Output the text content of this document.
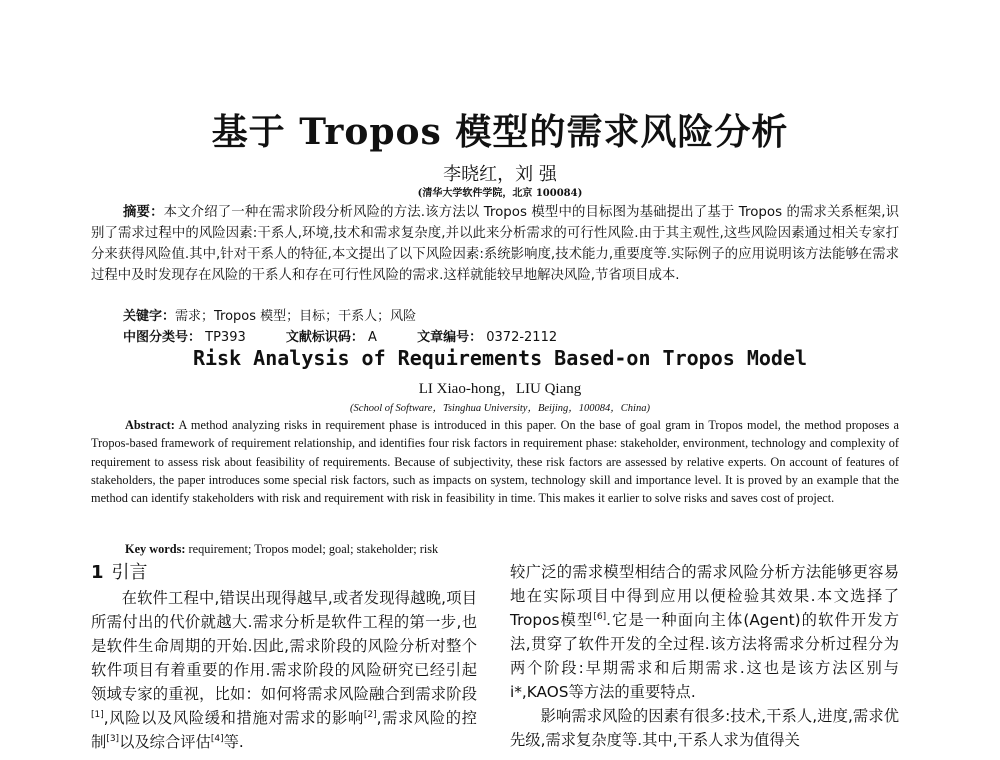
基于 Tropos 模型的需求风险分析
李晓红，刘 强
(清华大学软件学院，北京 100084)
摘要：本文介绍了一种在需求阶段分析风险的方法.该方法以 Tropos 模型中的目标图为基础提出了基于 Tropos 的需求关系框架,识别了需求过程中的风险因素:干系人,环境,技术和需求复杂度,并以此来分析需求的可行性风险.由于其主观性,这些风险因素通过相关专家打分来获得风险值.其中,针对干系人的特征,本文提出了以下风险因素:系统影响度,技术能力,重要度等.实际例子的应用说明该方法能够在需求过程中及时发现存在风险的干系人和存在可行性风险的需求.这样就能较早地解决风险,节省项目成本.
关键字：需求；Tropos 模型；目标；干系人；风险
中图分类号： TP393	文献标识码： A	文章编号： 0372-2112
Risk Analysis of Requirements Based-on Tropos Model
LI Xiao-hong，LIU Qiang
(School of Software，Tsinghua University，Beijing，100084，China)
Abstract: A method analyzing risks in requirement phase is introduced in this paper. On the base of goal gram in Tropos model, the method proposes a Tropos-based framework of requirement relationship, and identifies four risk factors in requirement phase: stakeholder, environment, technology and complexity of requirement to assess risk about feasibility of requirements. Because of subjectivity, these risk factors are assessed by relative experts. On account of features of stakeholders, the paper introduces some special risk factors, such as impacts on system, technology skill and importance level. It is proved by an example that the method can identify stakeholders with risk and requirement with risk in feasibility in time. This makes it earlier to solve risks and saves cost of project.
Key words: requirement; Tropos model; goal; stakeholder; risk
1 引言

在软件工程中,错误出现得越早,或者发现得越晚,项目所需付出的代价就越大.需求分析是软件工程的第一步,也是软件生命周期的开始.因此,需求阶段的风险分析对整个软件项目有着重要的作用.需求阶段的风险研究已经引起领域专家的重视，比如：如何将需求风险融合到需求阶段[1],风险以及风险缓和措施对需求的影响[2],需求风险的控制[3]以及综合评估[4]等.

较广泛的需求模型相结合的需求风险分析方法能够更容易地在实际项目中得到应用以便检验其效果.本文选择了Tropos模型[6].它是一种面向主体(Agent)的软件开发方法,贯穿了软件开发的全过程.该方法将需求分析过程分为两个阶段:早期需求和后期需求.这也是该方法区别与i*,KAOS等方法的重要特点.

影响需求风险的因素有很多:技术,干系人,进度,需求优先级,需求复杂度等.其中,干系人求为值得关
